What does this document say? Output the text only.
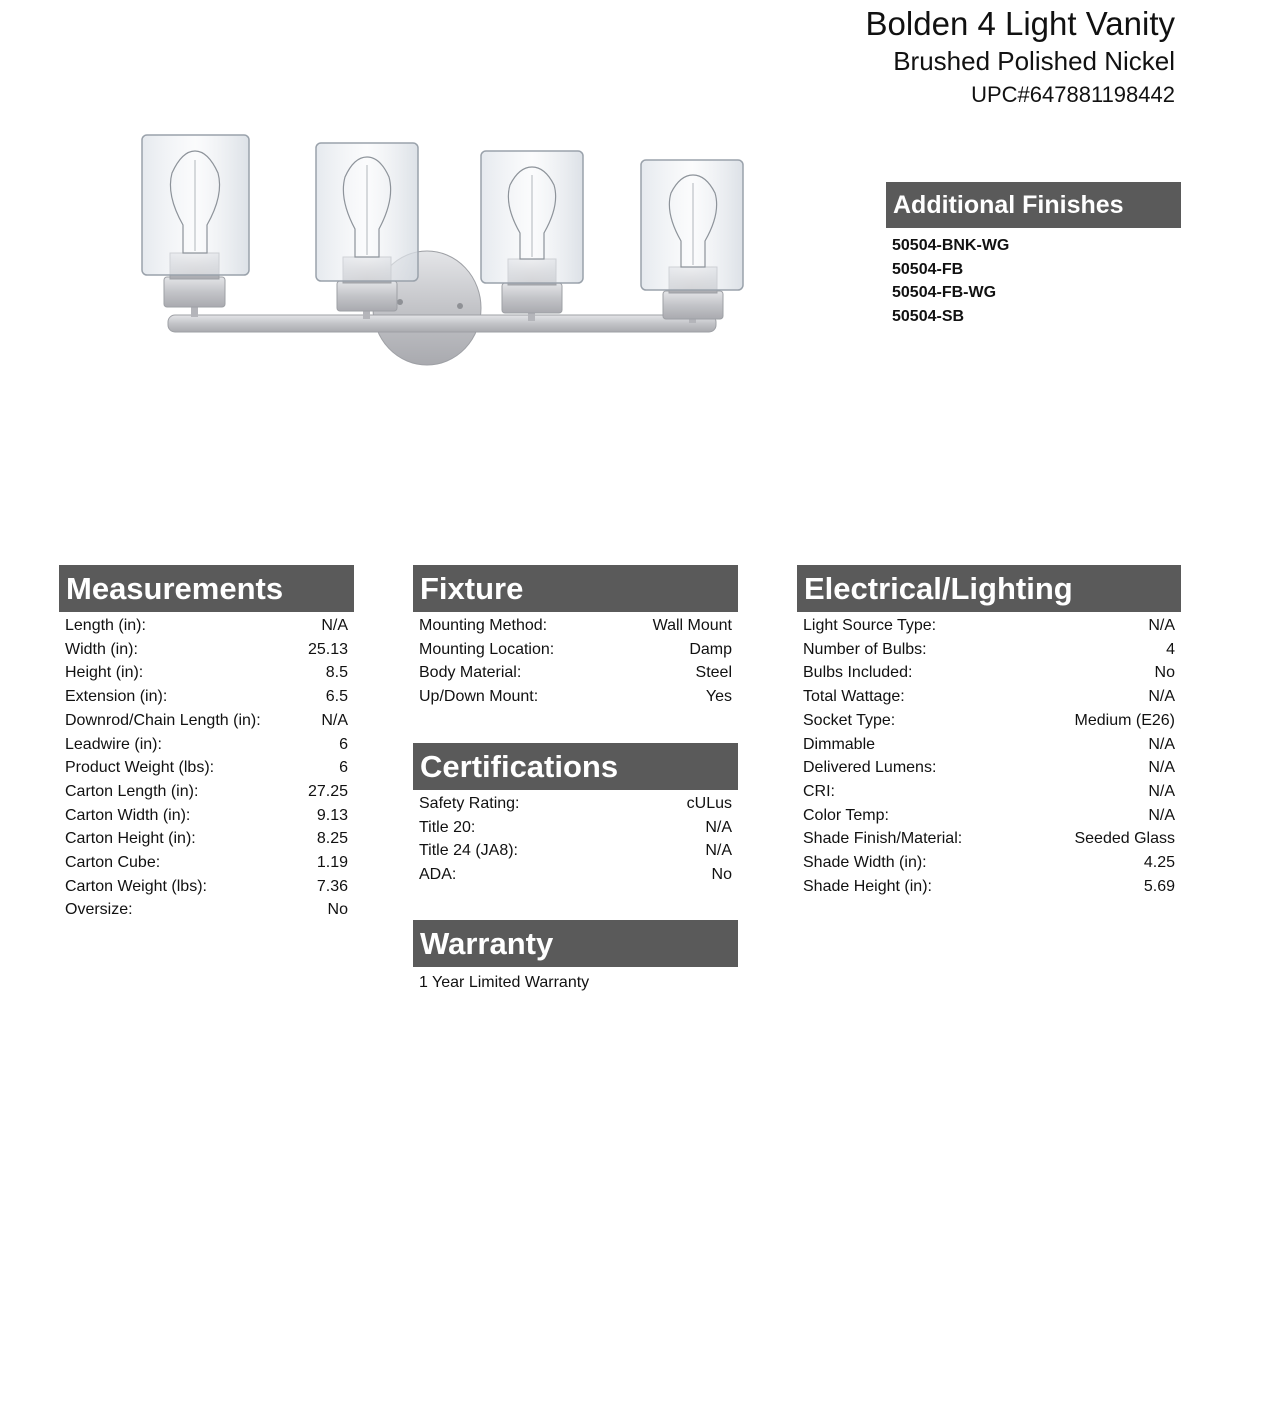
Bolden 4 Light Vanity
Brushed Polished Nickel
UPC#647881198442
Additional Finishes
50504-BNK-WG
50504-FB
50504-FB-WG
50504-SB
Measurements
Length (in):	N/A
Width (in):	25.13
Height (in):	8.5
Extension (in):	6.5
Downrod/Chain Length (in):	N/A
Leadwire (in):	6
Product Weight (lbs):	6
Carton Length (in):	27.25
Carton Width (in):	9.13
Carton Height (in):	8.25
Carton Cube:	1.19
Carton Weight (lbs):	7.36
Oversize:	No
Fixture
Mounting Method:	Wall Mount
Mounting Location:	Damp
Body Material:	Steel
Up/Down Mount:	Yes
Certifications
Safety Rating:	cULus
Title 20:	N/A
Title 24 (JA8):	N/A
ADA:	No
Warranty
1 Year Limited Warranty
Electrical/Lighting
Light Source Type:	N/A
Number of Bulbs:	4
Bulbs Included:	No
Total Wattage:	N/A
Socket Type:	Medium (E26)
Dimmable	N/A
Delivered Lumens:	N/A
CRI:	N/A
Color Temp:	N/A
Shade Finish/Material:	Seeded Glass
Shade Width (in):	4.25
Shade Height (in):	5.69
